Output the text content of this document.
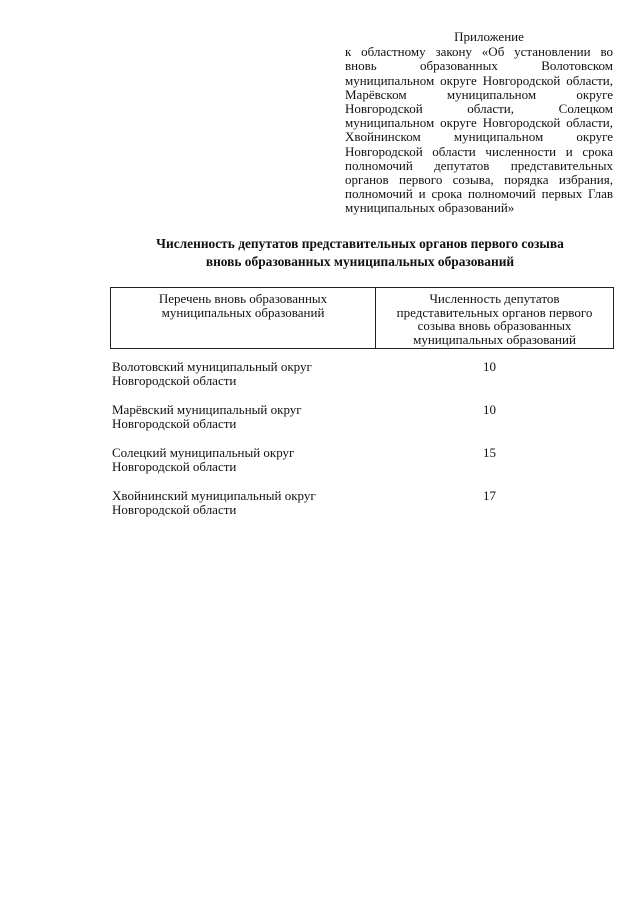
Приложение
к областному закону «Об установлении во вновь образованных Волотовском муниципальном округе Новгородской области, Марёвском муниципальном округе Новгородской области, Солецком муниципальном округе Новгородской области, Хвойнинском муниципальном округе Новгородской области численности и срока полномочий депутатов представительных органов первого созыва, порядка избрания, полномочий и срока полномочий первых Глав муниципальных образований»
Численность депутатов представительных органов первого созыва
вновь образованных муниципальных образований
Перечень вновь образованных муниципальных образований
Численность депутатов представительных органов первого созыва вновь образованных муниципальных образований
Волотовский муниципальный округ
Новгородской области
10
Марёвский муниципальный округ
Новгородской области
10
Солецкий муниципальный округ
Новгородской области
15
Хвойнинский муниципальный округ
Новгородской области
17
